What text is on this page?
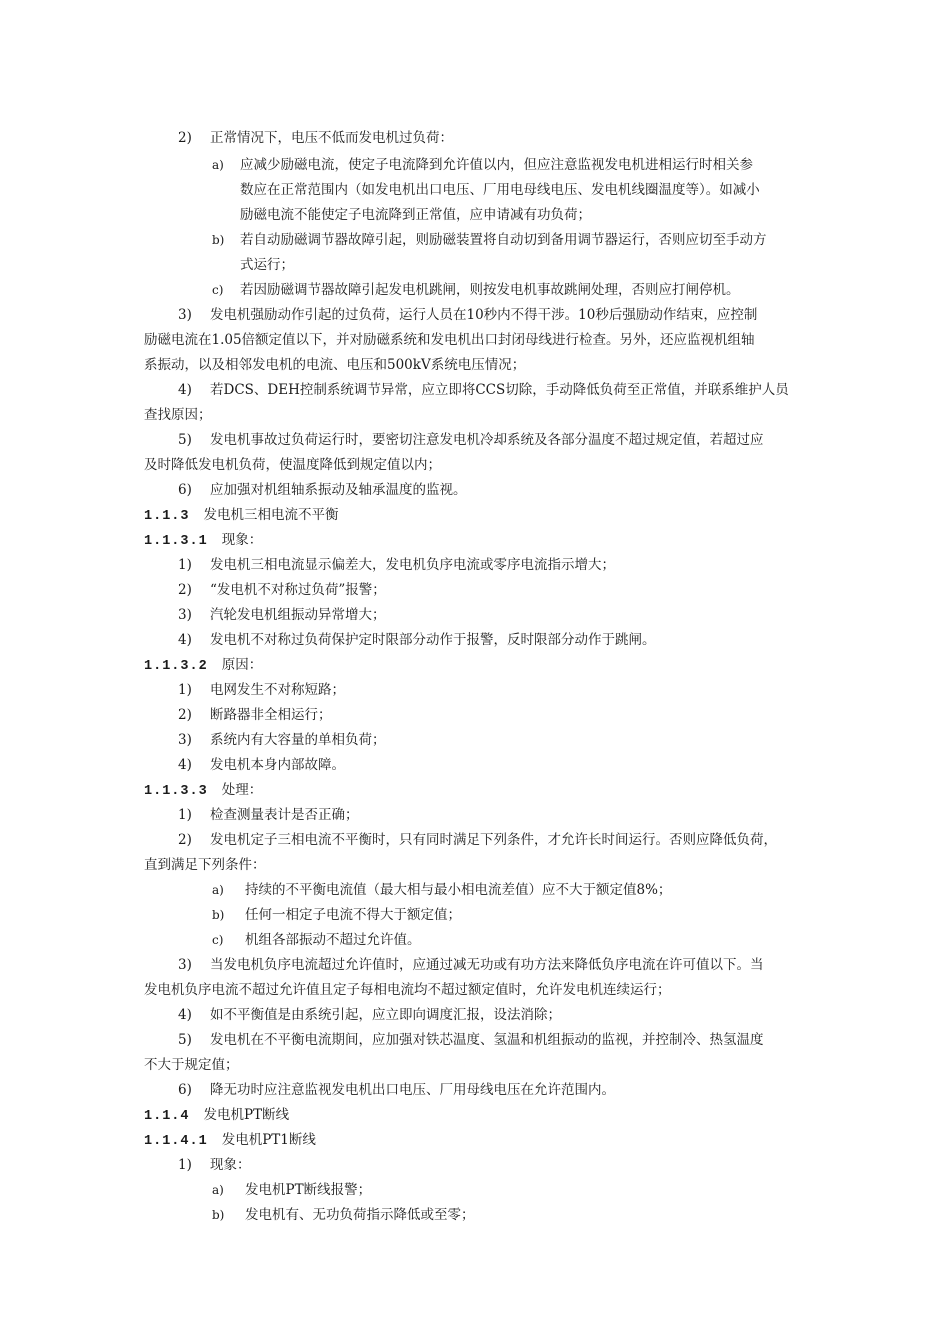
2) 正常情况下，电压不低而发电机过负荷：
a) 应减少励磁电流，使定子电流降到允许值以内，但应注意监视发电机进相运行时相关参
数应在正常范围内（如发电机出口电压、厂用电母线电压、发电机线圈温度等）。如减小
励磁电流不能使定子电流降到正常值，应申请减有功负荷；
b) 若自动励磁调节器故障引起，则励磁装置将自动切到备用调节器运行，否则应切至手动方
式运行；
c) 若因励磁调节器故障引起发电机跳闸，则按发电机事故跳闸处理，否则应打闸停机。
3) 发电机强励动作引起的过负荷，运行人员在10秒内不得干涉。10秒后强励动作结束，应控制
励磁电流在1.05倍额定值以下，并对励磁系统和发电机出口封闭母线进行检查。另外，还应监视机组轴
系振动，以及相邻发电机的电流、电压和500kV系统电压情况；
4) 若DCS、DEH控制系统调节异常，应立即将CCS切除，手动降低负荷至正常值，并联系维护人员
查找原因；
5) 发电机事故过负荷运行时，要密切注意发电机冷却系统及各部分温度不超过规定值，若超过应
及时降低发电机负荷，使温度降低到规定值以内；
6) 应加强对机组轴系振动及轴承温度的监视。
1.1.3 发电机三相电流不平衡
1.1.3.1 现象：
1) 发电机三相电流显示偏差大，发电机负序电流或零序电流指示增大；
2) “发电机不对称过负荷”报警；
3) 汽轮发电机组振动异常增大；
4) 发电机不对称过负荷保护定时限部分动作于报警，反时限部分动作于跳闸。
1.1.3.2 原因：
1) 电网发生不对称短路；
2) 断路器非全相运行；
3) 系统内有大容量的单相负荷；
4) 发电机本身内部故障。
1.1.3.3 处理：
1) 检查测量表计是否正确；
2) 发电机定子三相电流不平衡时，只有同时满足下列条件，才允许长时间运行。否则应降低负荷，
直到满足下列条件：
a) 持续的不平衡电流值（最大相与最小相电流差值）应不大于额定值8%；
b) 任何一相定子电流不得大于额定值；
c) 机组各部振动不超过允许值。
3) 当发电机负序电流超过允许值时，应通过减无功或有功方法来降低负序电流在许可值以下。当
发电机负序电流不超过允许值且定子每相电流均不超过额定值时，允许发电机连续运行；
4) 如不平衡值是由系统引起，应立即向调度汇报，设法消除；
5) 发电机在不平衡电流期间，应加强对铁芯温度、氢温和机组振动的监视，并控制冷、热氢温度
不大于规定值；
6) 降无功时应注意监视发电机出口电压、厂用母线电压在允许范围内。
1.1.4 发电机PT断线
1.1.4.1 发电机PT1断线
1) 现象：
a) 发电机PT断线报警；
b) 发电机有、无功负荷指示降低或至零；
